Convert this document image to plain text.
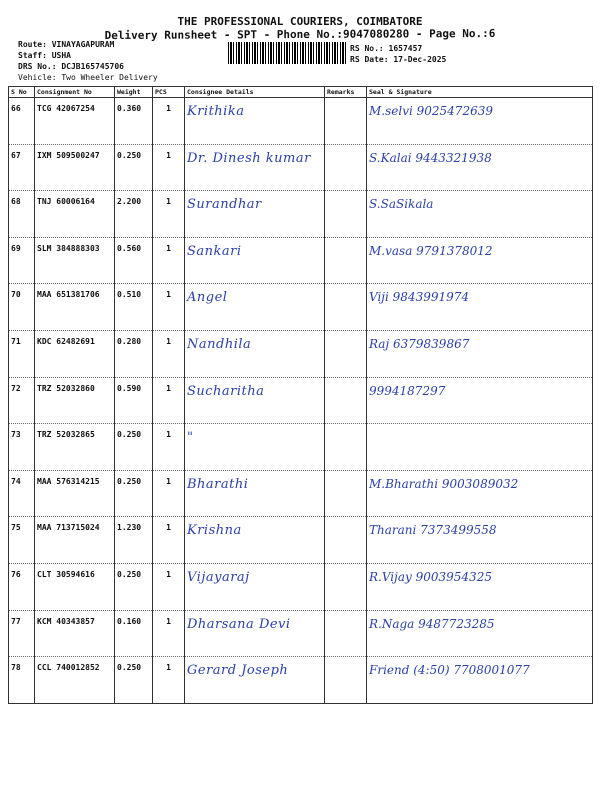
THE PROFESSIONAL COURIERS, COIMBATORE
Delivery Runsheet - SPT - Phone No.:9047080280 - Page No.:6
Route: VINAYAGAPURAM
Staff: USHA
DRS No.: DCJB165745706
Vehicle: Two Wheeler Delivery
RS No.: 1657457
RS Date: 17-Dec-2025
S No	Consignment No	Weight	PCS	Consignee Details	Remarks	Seal & Signature
66	TCG 42067254	0.360	1	Krithika		M.selvi 9025472639
67	IXM 509500247	0.250	1	Dr. Dinesh kumar		S.Kalai 9443321938
68	TNJ 60006164	2.200	1	Surandhar		S.SaSikala
69	SLM 384888303	0.560	1	Sankari		M.vasa 9791378012
70	MAA 651381706	0.510	1	Angel		Viji 9843991974
71	KDC 62482691	0.280	1	Nandhila		Raj 6379839867
72	TRZ 52032860	0.590	1	Sucharitha		9994187297
73	TRZ 52032865	0.250	1	"		
74	MAA 576314215	0.250	1	Bharathi		M.Bharathi 9003089032
75	MAA 713715024	1.230	1	Krishna		Tharani 7373499558
76	CLT 30594616	0.250	1	Vijayaraj		R.Vijay 9003954325
77	KCM 40343857	0.160	1	Dharsana Devi		R.Naga 9487723285
78	CCL 740012852	0.250	1	Gerard Joseph		Friend (4:50) 7708001077
